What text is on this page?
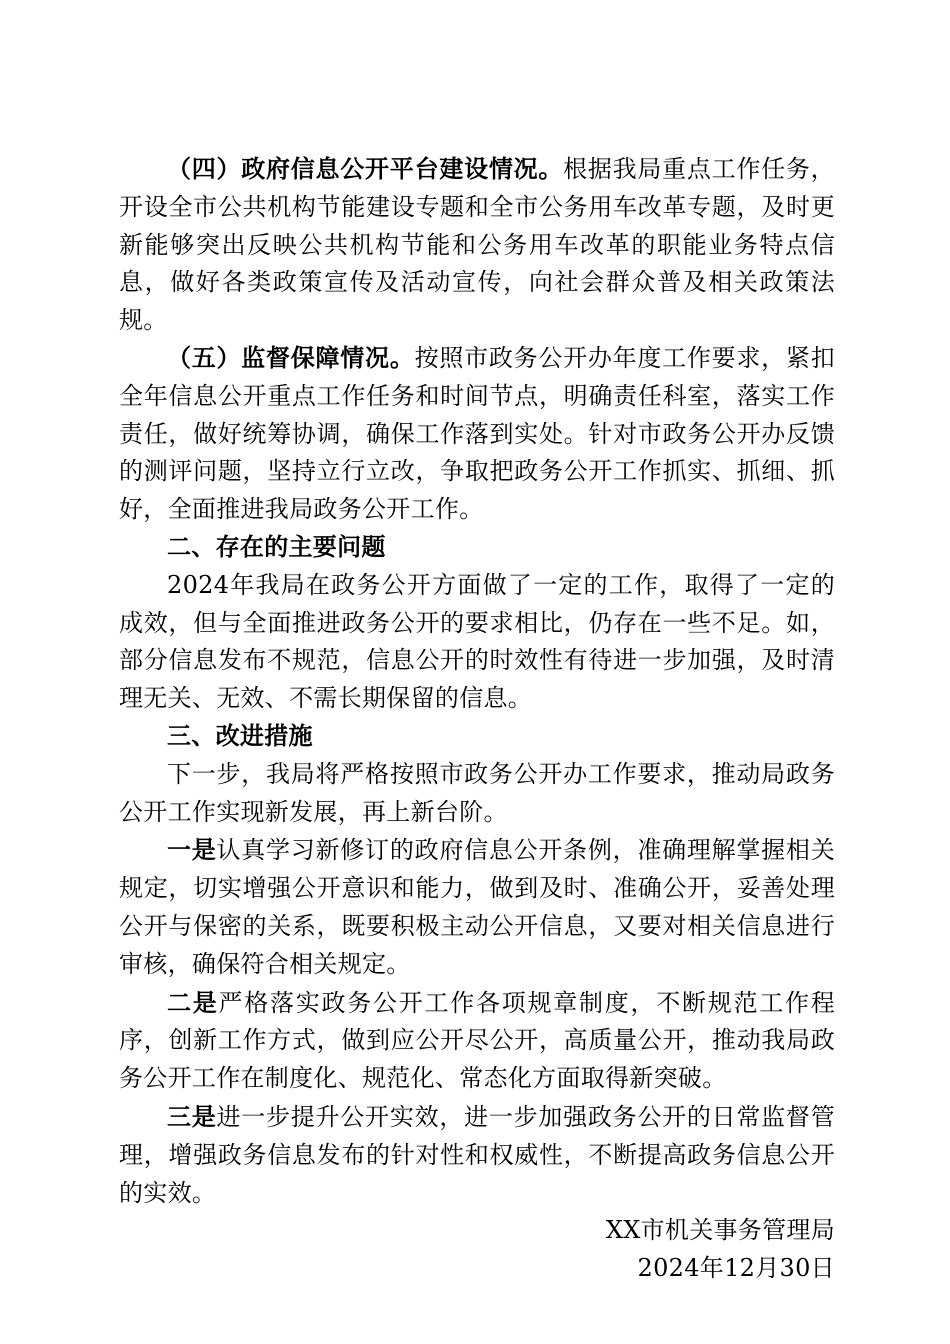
（四）政府信息公开平台建设情况。根据我局重点工作任务，开设全市公共机构节能建设专题和全市公务用车改革专题，及时更新能够突出反映公共机构节能和公务用车改革的职能业务特点信息，做好各类政策宣传及活动宣传，向社会群众普及相关政策法规。

（五）监督保障情况。按照市政务公开办年度工作要求，紧扣全年信息公开重点工作任务和时间节点，明确责任科室，落实工作责任，做好统筹协调，确保工作落到实处。针对市政务公开办反馈的测评问题，坚持立行立改，争取把政务公开工作抓实、抓细、抓好，全面推进我局政务公开工作。

二、存在的主要问题

2024年我局在政务公开方面做了一定的工作，取得了一定的成效，但与全面推进政务公开的要求相比，仍存在一些不足。如，部分信息发布不规范，信息公开的时效性有待进一步加强，及时清理无关、无效、不需长期保留的信息。

三、改进措施

下一步，我局将严格按照市政务公开办工作要求，推动局政务公开工作实现新发展，再上新台阶。

一是认真学习新修订的政府信息公开条例，准确理解掌握相关规定，切实增强公开意识和能力，做到及时、准确公开，妥善处理公开与保密的关系，既要积极主动公开信息，又要对相关信息进行审核，确保符合相关规定。

二是严格落实政务公开工作各项规章制度，不断规范工作程序，创新工作方式，做到应公开尽公开，高质量公开，推动我局政务公开工作在制度化、规范化、常态化方面取得新突破。

三是进一步提升公开实效，进一步加强政务公开的日常监督管理，增强政务信息发布的针对性和权威性，不断提高政务信息公开的实效。

XX市机关事务管理局
2024年12月30日
